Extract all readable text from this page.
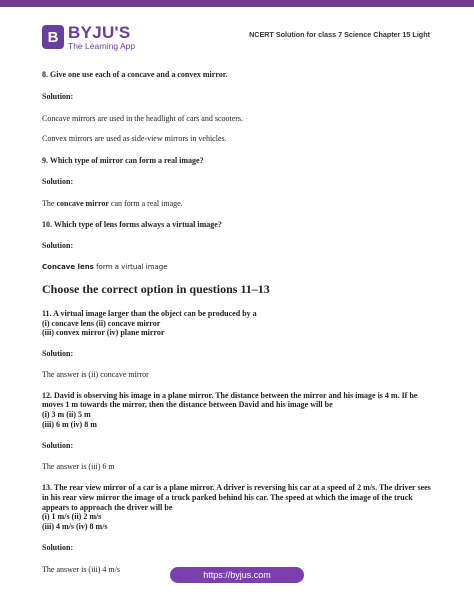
B BYJU'S
The Learning App
NCERT Solution for class 7 Science Chapter 15 Light

8. Give one use each of a concave and a convex mirror.

Solution:

Concave mirrors are used in the headlight of cars and scooters.

Convex mirrors are used as side-view mirrors in vehicles.

9. Which type of mirror can form a real image?

Solution:

The concave mirror can form a real image.

10. Which type of lens forms always a virtual image?

Solution:

Concave lens form a virtual image

Choose the correct option in questions 11–13

11. A virtual image larger than the object can be produced by a

(i) concave lens (ii) concave mirror

(iii) convex mirror (iv) plane mirror

Solution:

The answer is (ii) concave mirror

12. David is observing his image in a plane mirror. The distance between the mirror and his image is 4 m. If he moves 1 m towards the mirror, then the distance between David and his image will be

(i) 3 m (ii) 5 m

(iii) 6 m (iv) 8 m

Solution:

The answer is (iii) 6 m

13. The rear view mirror of a car is a plane mirror. A driver is reversing his car at a speed of 2 m/s. The driver sees in his rear view mirror the image of a truck parked behind his car. The speed at which the image of the truck appears to approach the driver will be

(i) 1 m/s (ii) 2 m/s

(iii) 4 m/s (iv) 8 m/s

Solution:

The answer is (iii) 4 m/s

https://byjus.com
